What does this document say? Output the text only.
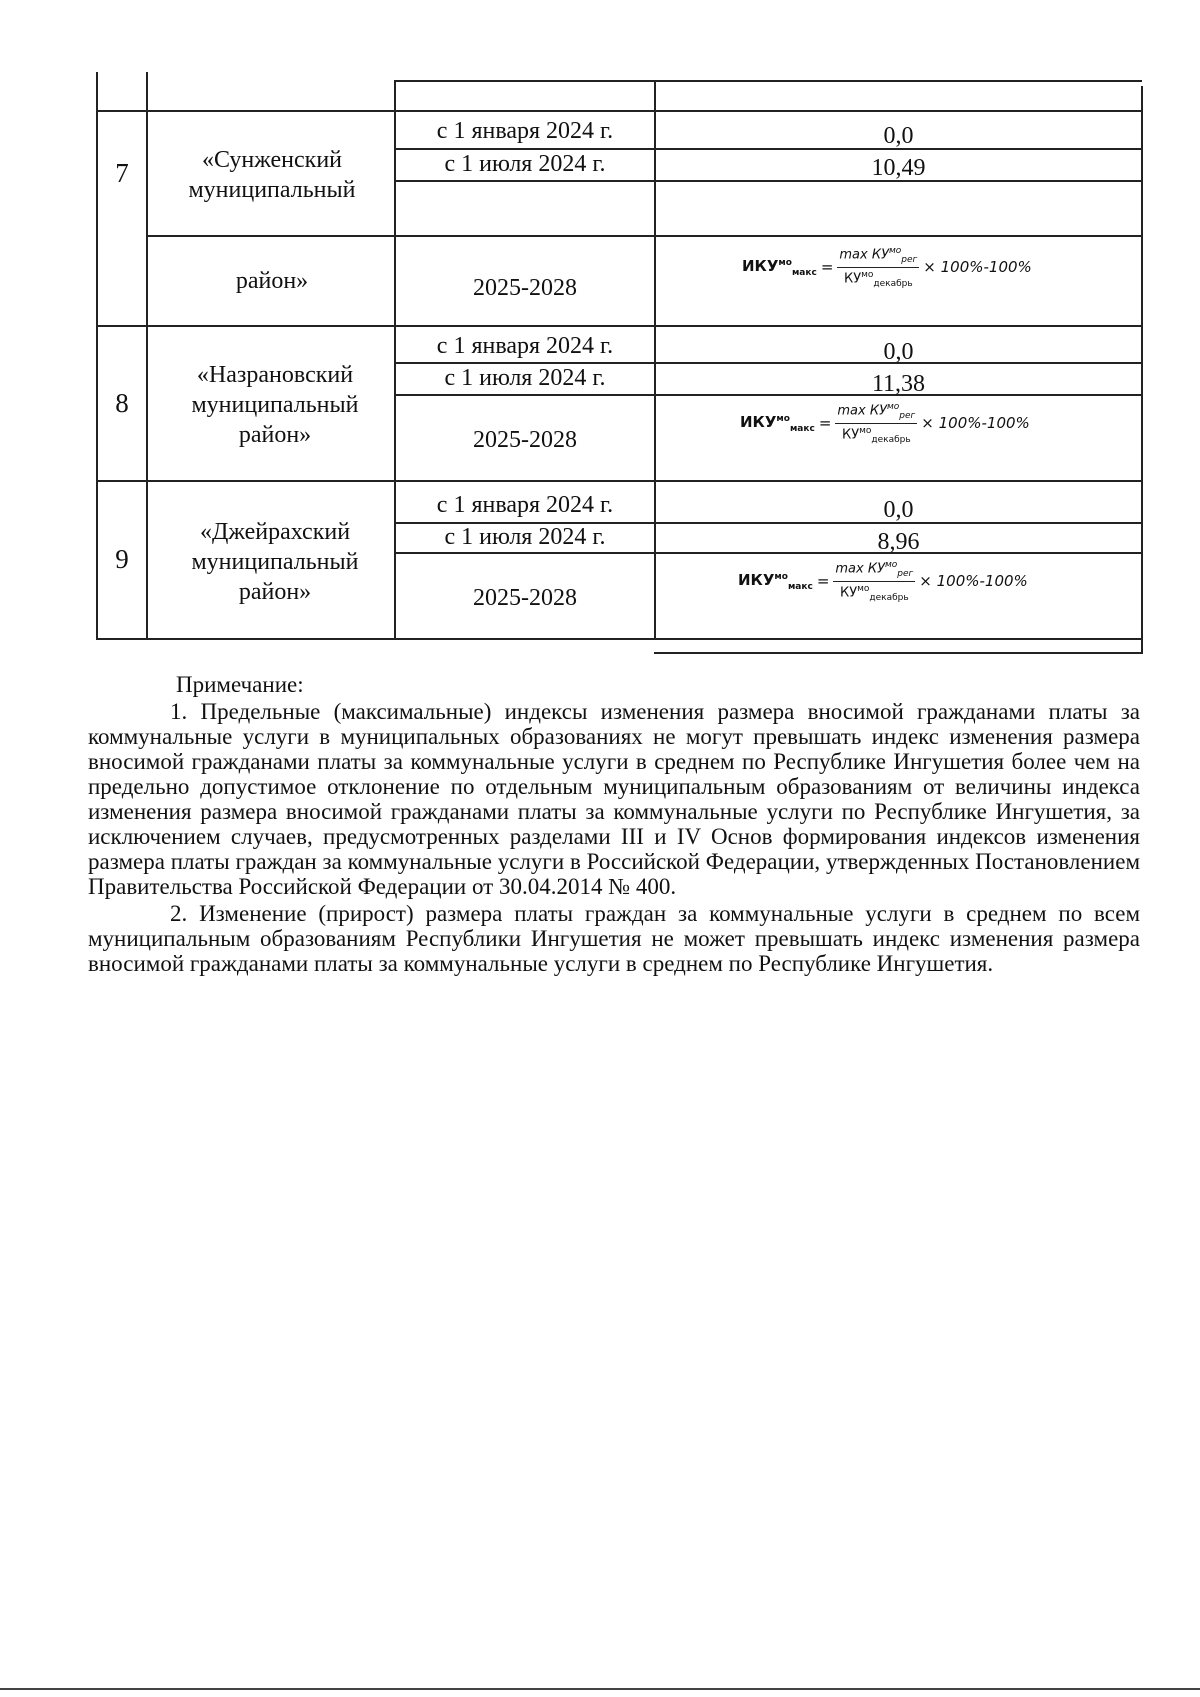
7	«Сунженский муниципальный
район»
с 1 января 2024 г.
с 1 июля 2024 г.
2025-2028
0,0
10,49
$ИКУ^{мо}_{макс} = \frac{\max КУ^{мо}_{рег}}{КУ^{мо}_{декабрь}} \times 100\%-100\%$
8
«Назрановский муниципальный район»
с 1 января 2024 г.
с 1 июля 2024 г.
2025-2028
0,0
11,38
$ИКУ^{мо}_{макс} = \frac{\max КУ^{мо}_{рег}}{КУ^{мо}_{декабрь}} \times 100\%-100\%$
9
«Джейрахский муниципальный район»
с 1 января 2024 г.
с 1 июля 2024 г.
2025-2028
0,0
8,96
$ИКУ^{мо}_{макс} = \frac{\max КУ^{мо}_{рег}}{КУ^{мо}_{декабрь}} \times 100\%-100\%$

Примечание:

1. Предельные (максимальные) индексы изменения размера вносимой гражданами платы за коммунальные услуги в муниципальных образованиях не могут превышать индекс изменения размера вносимой гражданами платы за коммунальные услуги в среднем по Республике Ингушетия более чем на предельно допустимое отклонение по отдельным муниципальным образованиям от величины индекса изменения размера вносимой гражданами платы за коммунальные услуги по Республике Ингушетия, за исключением случаев, предусмотренных разделами III и IV Основ формирования индексов изменения размера платы граждан за коммунальные услуги в Российской Федерации, утвержденных Постановлением Правительства Российской Федерации от 30.04.2014 № 400.

2. Изменение (прирост) размера платы граждан за коммунальные услуги в среднем по всем муниципальным образованиям Республики Ингушетия не может превышать индекс изменения размера вносимой гражданами платы за коммунальные услуги в среднем по Республике Ингушетия.
